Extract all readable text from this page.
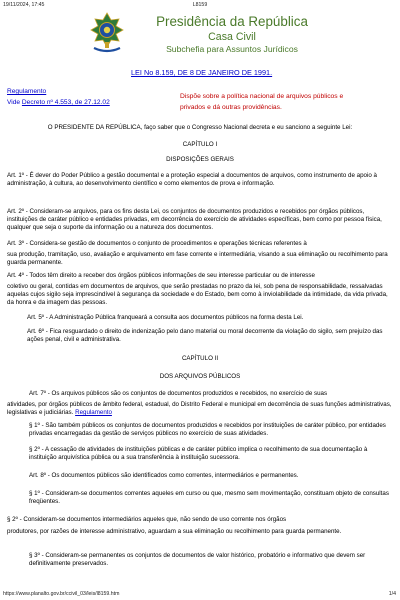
19/11/2024, 17:45	L8159
Presidência da República
Casa Civil
Subchefia para Assuntos Jurídicos
LEI No 8.159, DE 8 DE JANEIRO DE 1991.
Regulamento
Vide Decreto nº 4.553, de 27.12.02
Dispõe sobre a política nacional de arquivos públicos e
privados e dá outras providências.
O PRESIDENTE DA REPÚBLICA, faço saber que o Congresso Nacional decreta e eu sanciono a seguinte Lei:
CAPÍTULO I
DISPOSIÇÕES GERAIS
Art. 1º - É dever do Poder Público a gestão documental e a proteção especial a documentos de arquivos, como instrumento de apoio à administração, à cultura, ao desenvolvimento científico e como elementos de prova e informação.
Art. 2º - Consideram-se arquivos, para os fins desta Lei, os conjuntos de documentos produzidos e recebidos por órgãos públicos, instituições de caráter público e entidades privadas, em decorrência do exercício de atividades específicas, bem como por pessoa física, qualquer que seja o suporte da informação ou a natureza dos documentos.
Art. 3º - Considera-se gestão de documentos o conjunto de procedimentos e operações técnicas referentes à
sua produção, tramitação, uso, avaliação e arquivamento em fase corrente e intermediária, visando a sua eliminação ou recolhimento para guarda permanente.
Art. 4º - Todos têm direito a receber dos órgãos públicos informações de seu interesse particular ou de interesse
coletivo ou geral, contidas em documentos de arquivos, que serão prestadas no prazo da lei, sob pena de responsabilidade, ressalvadas aquelas cujos sigilo seja imprescindível à segurança da sociedade e do Estado, bem como à inviolabilidade da intimidade, da vida privada, da honra e da imagem das pessoas.
Art. 5º - A Administração Pública franqueará a consulta aos documentos públicos na forma desta Lei.
Art. 6º - Fica resguardado o direito de indenização pelo dano material ou moral decorrente da violação do sigilo, sem prejuízo das ações penal, civil e administrativa.
CAPÍTULO II
DOS ARQUIVOS PÚBLICOS
Art. 7º - Os arquivos públicos são os conjuntos de documentos produzidos e recebidos, no exercício de suas
atividades, por órgãos públicos de âmbito federal, estadual, do Distrito Federal e municipal em decorrência de suas funções administrativas, legislativas e judiciárias. Regulamento
§ 1º - São também públicos os conjuntos de documentos produzidos e recebidos por instituições de caráter público, por entidades privadas encarregadas da gestão de serviços públicos no exercício de suas atividades.
§ 2º - A cessação de atividades de instituições públicas e de caráter público implica o recolhimento de sua documentação à instituição arquivística pública ou a sua transferência à instituição sucessora.
Art. 8º - Os documentos públicos são identificados como correntes, intermediários e permanentes.
§ 1º - Consideram-se documentos correntes aqueles em curso ou que, mesmo sem movimentação, constituam objeto de consultas freqüentes.
§ 2º - Consideram-se documentos intermediários aqueles que, não sendo de uso corrente nos órgãos
produtores, por razões de interesse administrativo, aguardam a sua eliminação ou recolhimento para guarda permanente.
§ 3º - Consideram-se permanentes os conjuntos de documentos de valor histórico, probatório e informativo que devem ser definitivamente preservados.
https://www.planalto.gov.br/ccivil_03/leis/l8159.htm	1/4
